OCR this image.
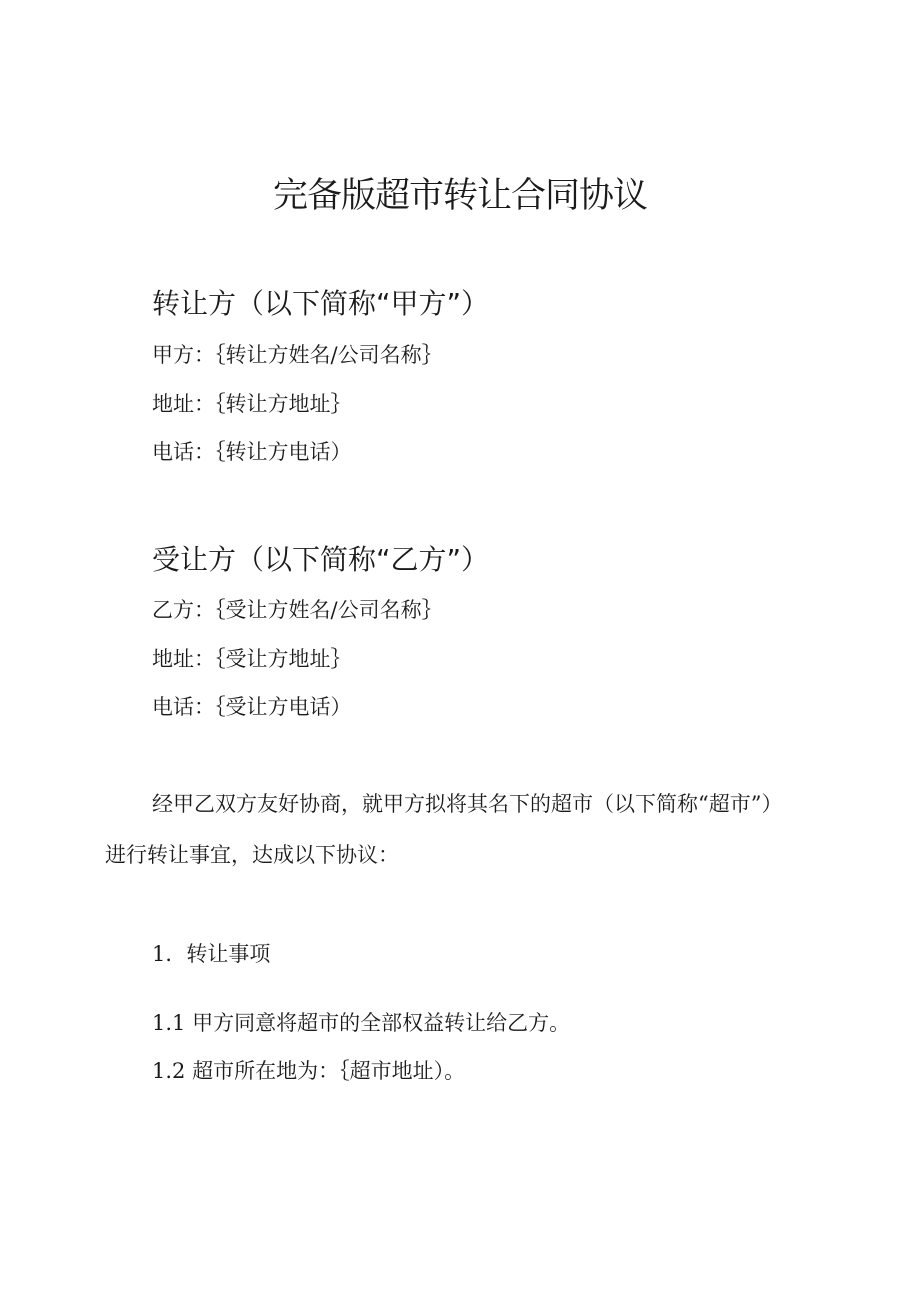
完备版超市转让合同协议
转让方（以下简称“甲方”）
甲方：｛转让方姓名/公司名称｝
地址：｛转让方地址｝
电话：｛转让方电话）
受让方（以下简称“乙方”）
乙方：｛受让方姓名/公司名称｝
地址：｛受让方地址｝
电话：｛受让方电话）

经甲乙双方友好协商，就甲方拟将其名下的超市（以下简称“超市”）进行转让事宜，达成以下协议：

1．转让事项
1.1 甲方同意将超市的全部权益转让给乙方。
1.2 超市所在地为：｛超市地址）。
